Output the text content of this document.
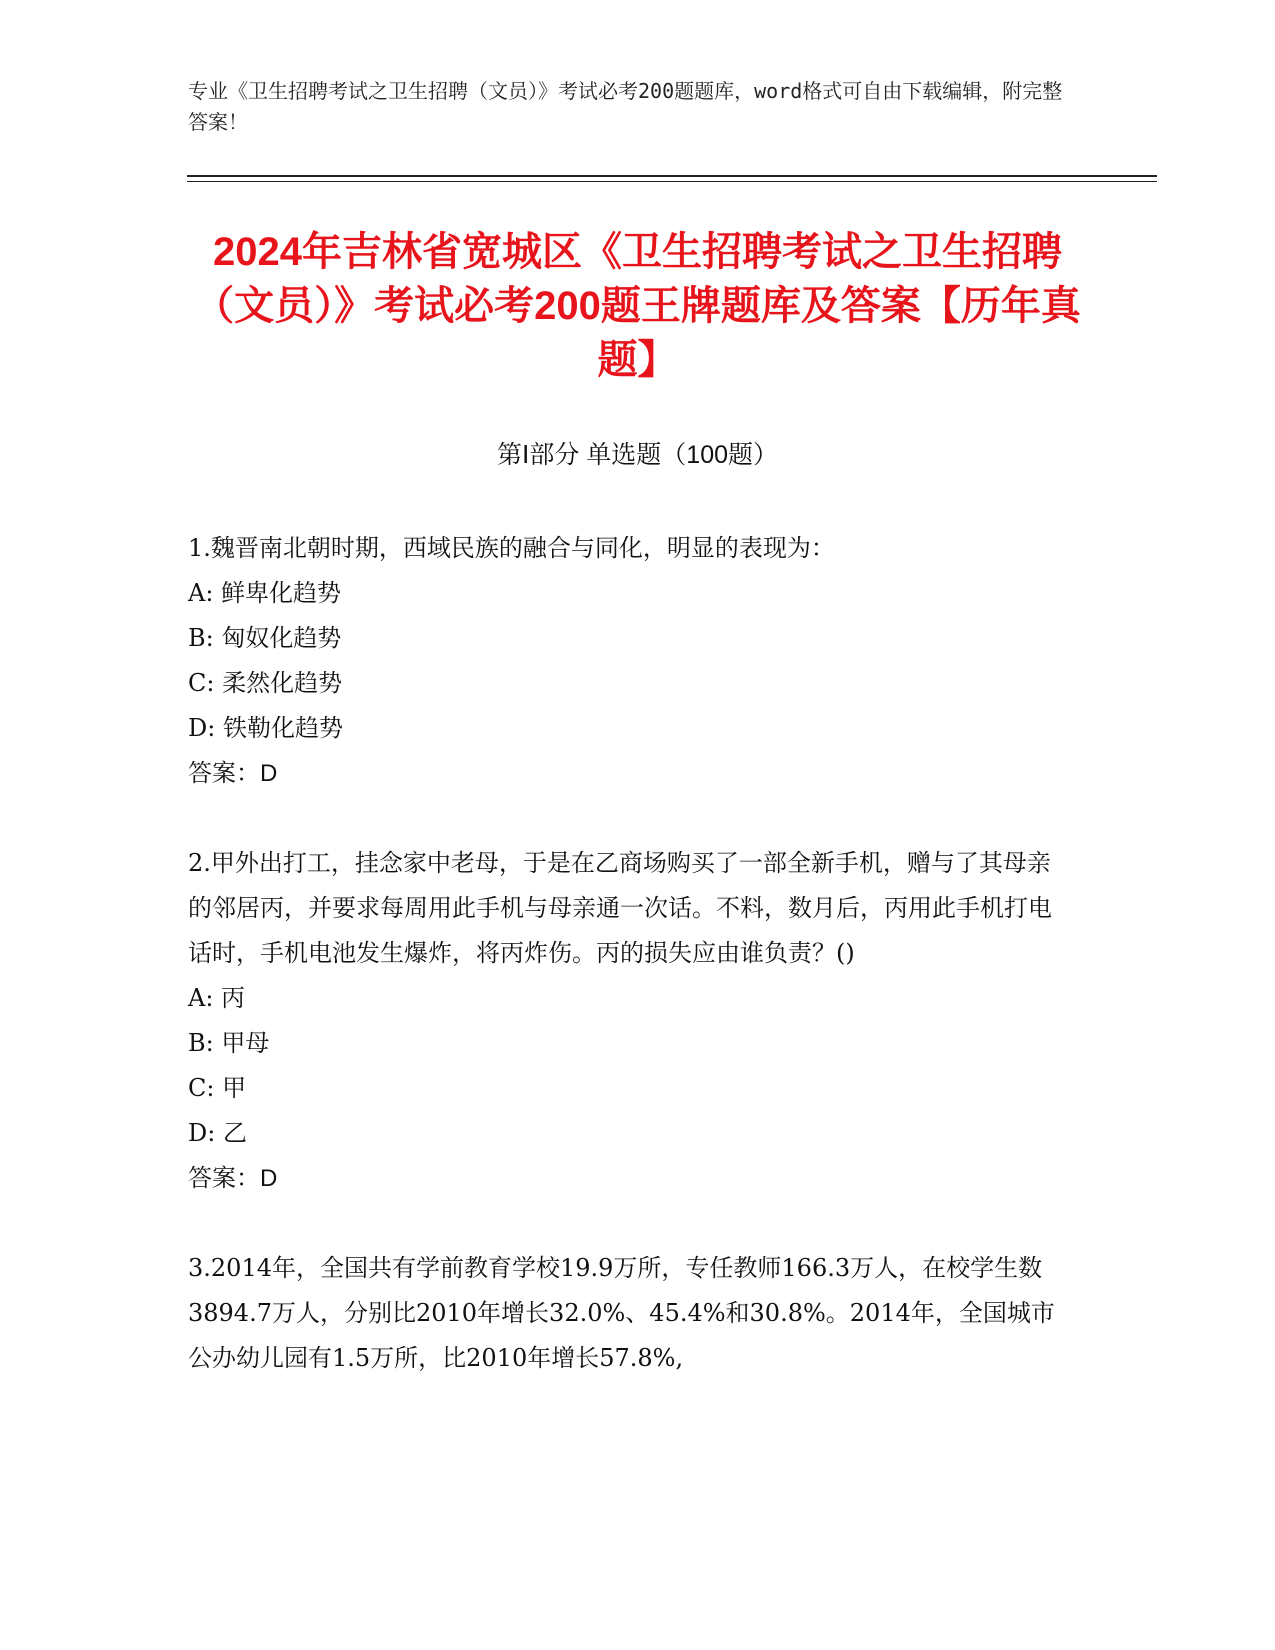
专业《卫生招聘考试之卫生招聘（文员）》考试必考200题题库，word格式可自由下载编辑，附完整答案！
2024年吉林省宽城区《卫生招聘考试之卫生招聘（文员）》考试必考200题王牌题库及答案【历年真题】
第Ⅰ部分 单选题（100题）

1.魏晋南北朝时期，西域民族的融合与同化，明显的表现为：

A: 鲜卑化趋势

B: 匈奴化趋势

C: 柔然化趋势

D: 铁勒化趋势

答案：D

2.甲外出打工，挂念家中老母，于是在乙商场购买了一部全新手机，赠与了其母亲的邻居丙，并要求每周用此手机与母亲通一次话。不料，数月后，丙用此手机打电话时，手机电池发生爆炸，将丙炸伤。丙的损失应由谁负责？()

A: 丙

B: 甲母

C: 甲

D: 乙

答案：D

3.2014年，全国共有学前教育学校19.9万所，专任教师166.3万人，在校学生数3894.7万人，分别比2010年增长32.0%、45.4%和30.8%。2014年，全国城市公办幼儿园有1.5万所，比2010年增长57.8%,
